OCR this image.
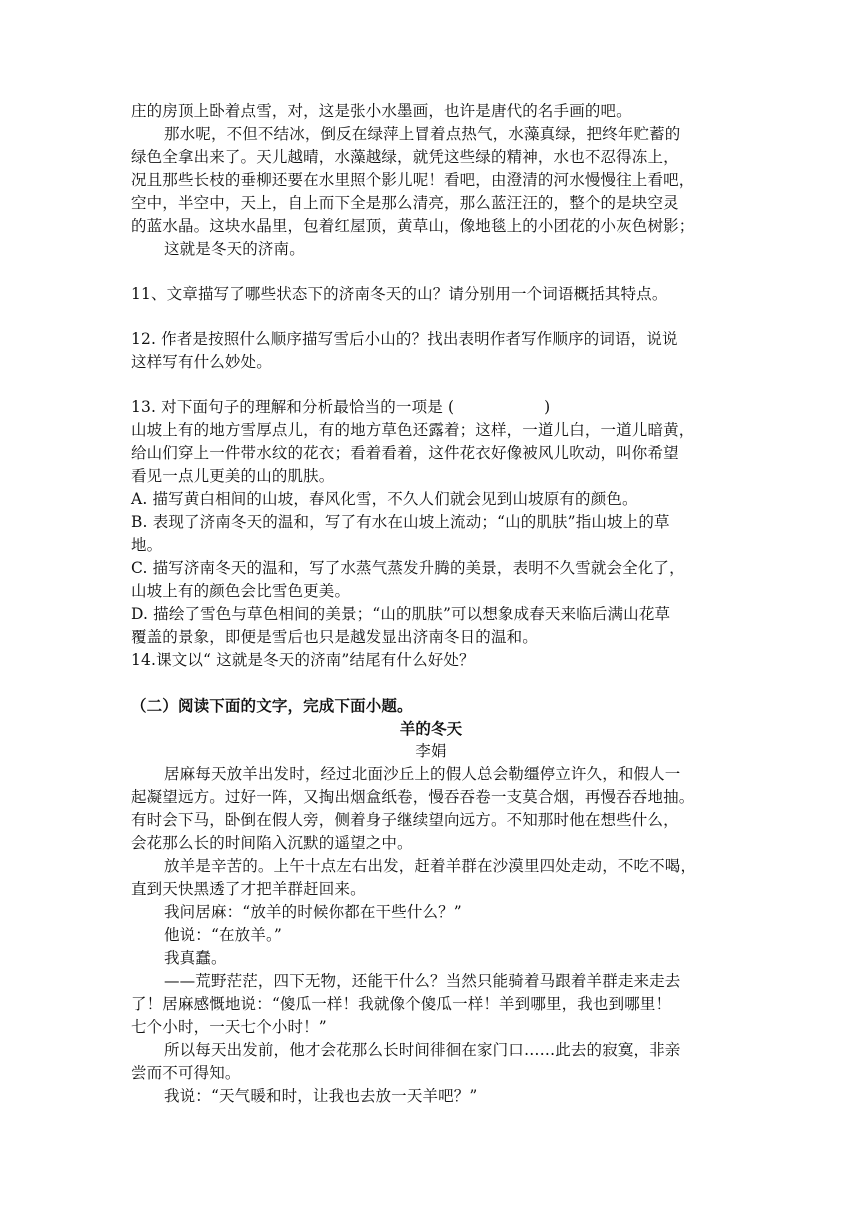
庄的房顶上卧着点雪，对，这是张小水墨画，也许是唐代的名手画的吧。
那水呢，不但不结冰，倒反在绿萍上冒着点热气，水藻真绿，把终年贮蓄的
绿色全拿出来了。天儿越晴，水藻越绿，就凭这些绿的精神，水也不忍得冻上，
况且那些长枝的垂柳还要在水里照个影儿呢！看吧，由澄清的河水慢慢往上看吧，
空中，半空中，天上，自上而下全是那么清亮，那么蓝汪汪的，整个的是块空灵
的蓝水晶。这块水晶里，包着红屋顶，黄草山，像地毯上的小团花的小灰色树影；
这就是冬天的济南。
11、文章描写了哪些状态下的济南冬天的山？请分别用一个词语概括其特点。
12. 作者是按照什么顺序描写雪后小山的？找出表明作者写作顺序的词语，说说
这样写有什么妙处。
13. 对下面句子的理解和分析最恰当的一项是 (	)
山坡上有的地方雪厚点儿，有的地方草色还露着；这样，一道儿白，一道儿暗黄，
给山们穿上一件带水纹的花衣；看着看着，这件花衣好像被风儿吹动，叫你希望
看见一点儿更美的山的肌肤。
A. 描写黄白相间的山坡，春风化雪，不久人们就会见到山坡原有的颜色。
B. 表现了济南冬天的温和，写了有水在山坡上流动；“山的肌肤”指山坡上的草
地。
C. 描写济南冬天的温和，写了水蒸气蒸发升腾的美景，表明不久雪就会全化了，
山坡上有的颜色会比雪色更美。
D. 描绘了雪色与草色相间的美景；“山的肌肤”可以想象成春天来临后满山花草
覆盖的景象，即便是雪后也只是越发显出济南冬日的温和。
14.课文以“ 这就是冬天的济南”结尾有什么好处？
（二）阅读下面的文字，完成下面小题。
羊的冬天
李娟
居麻每天放羊出发时，经过北面沙丘上的假人总会勒缰停立许久，和假人一
起凝望远方。过好一阵，又掏出烟盒纸卷，慢吞吞卷一支莫合烟，再慢吞吞地抽。
有时会下马，卧倒在假人旁，侧着身子继续望向远方。不知那时他在想些什么，
会花那么长的时间陷入沉默的遥望之中。
放羊是辛苦的。上午十点左右出发，赶着羊群在沙漠里四处走动，不吃不喝，
直到天快黑透了才把羊群赶回来。
我问居麻：“放羊的时候你都在干些什么？”
他说：“在放羊。”
我真蠢。
——荒野茫茫，四下无物，还能干什么？当然只能骑着马跟着羊群走来走去
了！居麻感慨地说：“傻瓜一样！我就像个傻瓜一样！羊到哪里，我也到哪里！
七个小时，一天七个小时！”
所以每天出发前，他才会花那么长时间徘徊在家门口……此去的寂寞，非亲
尝而不可得知。
我说：“天气暖和时，让我也去放一天羊吧？”
